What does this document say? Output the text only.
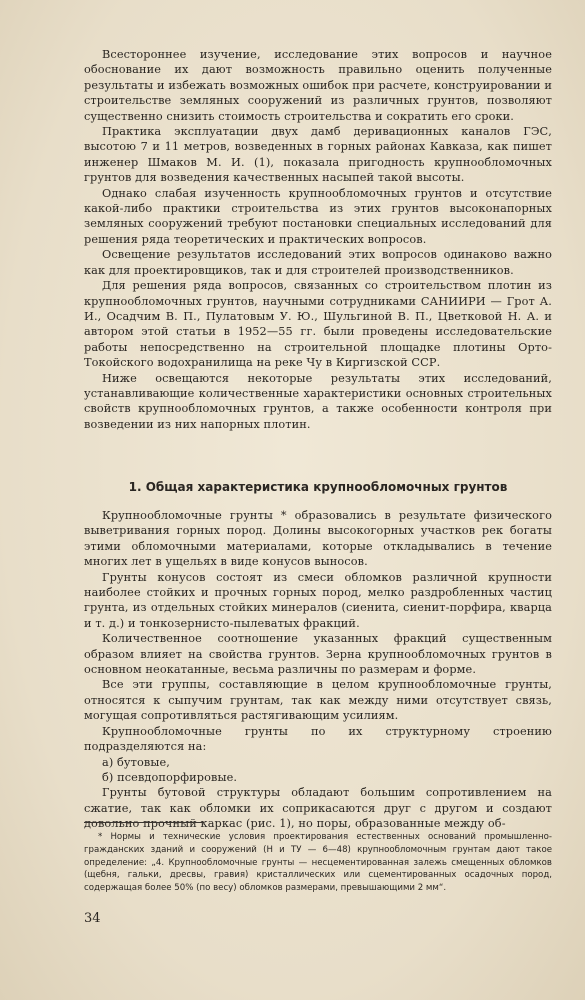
Всестороннее изучение, исследование этих вопросов и научное обоснование их дают возможность правильно оценить полученные результаты и избежать возможных ошибок при расчете, конструировании и строительстве земляных сооружений из различных грунтов, позволяют существенно снизить стоимость строительства и сократить его сроки.

Практика эксплуатации двух дамб деривационных каналов ГЭС, высотою 7 и 11 метров, возведенных в горных районах Кавказа, как пишет инженер Шмаков М. И. (1), показала пригодность крупнообломочных грунтов для возведения качественных насыпей такой высоты.

Однако слабая изученность крупнообломочных грунтов и отсутствие какой-либо практики строительства из этих грунтов высоконапорных земляных сооружений требуют постановки специальных исследований для решения ряда теоретических и практических вопросов.

Освещение результатов исследований этих вопросов одинаково важно как для проектировщиков, так и для строителей производственников.

Для решения ряда вопросов, связанных со строительством плотин из крупнообломочных грунтов, научными сотрудниками САНИИРИ — Грот А. И., Осадчим В. П., Пулатовым У. Ю., Шульгиной В. П., Цветковой Н. А. и автором этой статьи в 1952—55 гг. были проведены исследовательские работы непосредственно на строительной площадке плотины Орто-Токойского водохранилища на реке Чу в Киргизской ССР.

Ниже освещаются некоторые результаты этих исследований, устанавливающие количественные характеристики основных строительных свойств крупнообломочных грунтов, а также особенности контроля при возведении из них напорных плотин.

1. Общая характеристика крупнообломочных грунтов

Крупнообломочные грунты * образовались в результате физического выветривания горных пород. Долины высокогорных участков рек богаты этими обломочными материалами, которые откладывались в течение многих лет в ущельях в виде конусов выносов.

Грунты конусов состоят из смеси обломков различной крупности наиболее стойких и прочных горных пород, мелко раздробленных частиц грунта, из отдельных стойких минералов (сиенита, сиенит-порфира, кварца и т. д.) и тонкозернисто-пылеватых фракций.

Количественное соотношение указанных фракций существенным образом влияет на свойства грунтов. Зерна крупнообломочных грунтов в основном неокатанные, весьма различны по размерам и форме.

Все эти группы, составляющие в целом крупнообломочные грунты, относятся к сыпучим грунтам, так как между ними отсутствует связь, могущая сопротивляться растягивающим усилиям.

Крупнообломочные грунты по их структурному строению подразделяются на:

а) бутовые,

б) псевдопорфировые.

Грунты бутовой структуры обладают большим сопротивлением на сжатие, так как обломки их соприкасаются друг с другом и создают довольно прочный каркас (рис. 1), но поры, образованные между об-

* Нормы и технические условия проектирования естественных оснований промышленно-гражданских зданий и сооружений (Н и ТУ — 6—48) крупнообломочным грунтам дают такое определение: „4. Крупнообломочные грунты — несцементированная залежь смещенных обломков (щебня, гальки, дресвы, гравия) кристаллических или сцементированных осадочных пород, содержащая более 50% (по весу) обломков размерами, превышающими 2 мм“.

34
